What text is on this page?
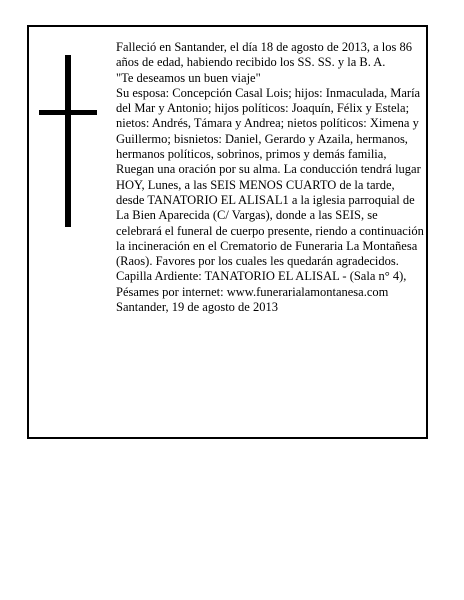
Falleció en Santander, el día 18 de agosto de 2013, a los 86 años de edad, habiendo recibido los SS. SS. y la B. A.

"Te deseamos un buen viaje"

Su esposa: Concepción Casal Lois; hijos: Inmaculada, María del Mar y Antonio; hijos políticos: Joaquín, Félix y Estela; nietos: Andrés, Támara y Andrea; nietos políticos: Ximena y Guillermo; bisnietos: Daniel, Gerardo y Azaila, hermanos, hermanos políticos, sobrinos, primos y demás familia,

Ruegan una oración por su alma. La conducción tendrá lugar HOY, Lunes, a las SEIS MENOS CUARTO de la tarde, desde TANATORIO EL ALISAL1 a la iglesia parroquial de La Bien Aparecida (C/ Vargas), donde a las SEIS, se celebrará el funeral de cuerpo presente, riendo a continuación la incineración en el Crematorio de Funeraria La Montañesa (Raos). Favores por los cuales les quedarán agradecidos. Capilla Ardiente: TANATORIO EL ALISAL - (Sala n° 4),

Pésames por internet: www.funerarialamontanesa.com

Santander, 19 de agosto de 2013
